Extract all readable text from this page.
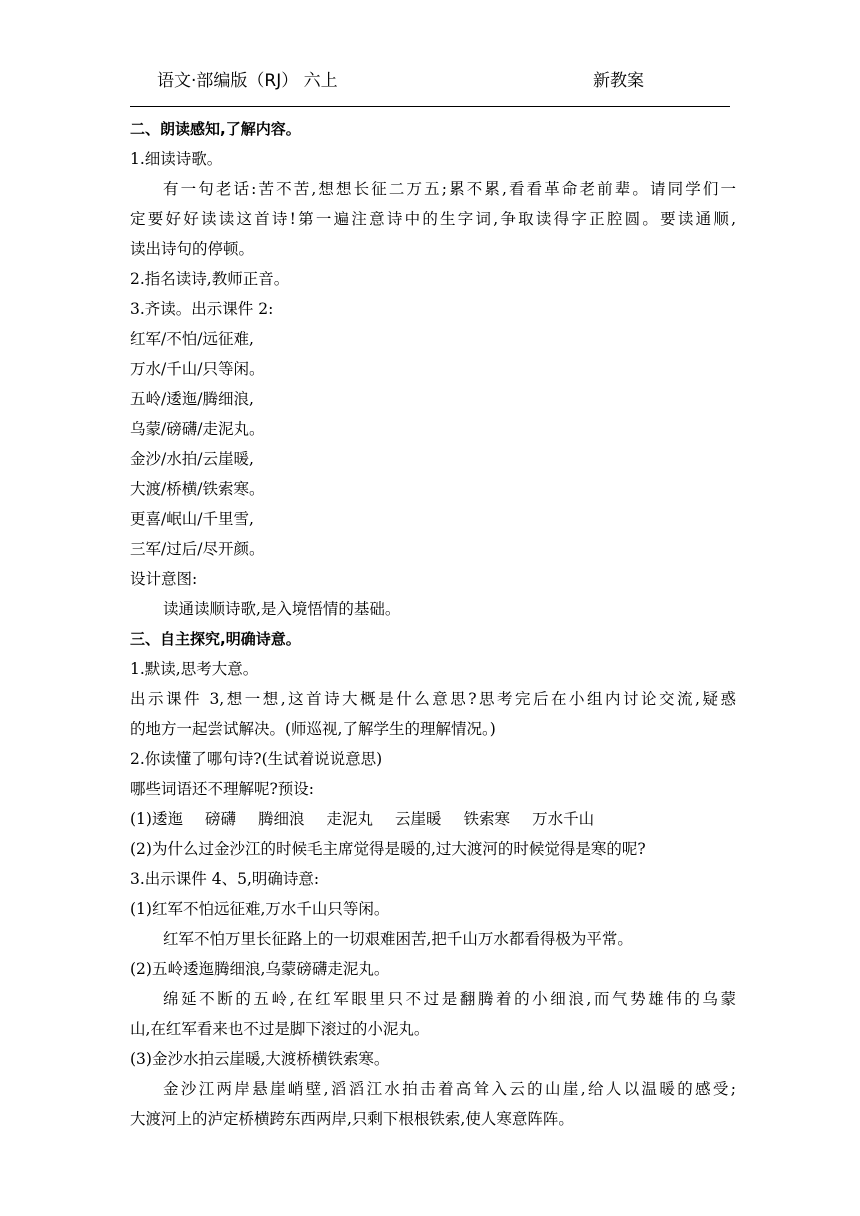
语文·部编版（RJ） 六上	新教案
二、朗读感知,了解内容。
1.细读诗歌。
有一句老话:苦不苦,想想长征二万五;累不累,看看革命老前辈。请同学们一
定要好好读读这首诗!第一遍注意诗中的生字词,争取读得字正腔圆。要读通顺,
读出诗句的停顿。
2.指名读诗,教师正音。
3.齐读。出示课件 2:
红军/不怕/远征难,
万水/千山/只等闲。
五岭/逶迤/腾细浪,
乌蒙/磅礴/走泥丸。
金沙/水拍/云崖暖,
大渡/桥横/铁索寒。
更喜/岷山/千里雪,
三军/过后/尽开颜。
设计意图:
读通读顺诗歌,是入境悟情的基础。
三、自主探究,明确诗意。
1.默读,思考大意。
出示课件 3,想一想,这首诗大概是什么意思?思考完后在小组内讨论交流,疑惑
的地方一起尝试解决。(师巡视,了解学生的理解情况。)
2.你读懂了哪句诗?(生试着说说意思)
哪些词语还不理解呢?预设:
(1)逶迤 磅礴 腾细浪 走泥丸 云崖暖 铁索寒 万水千山
(2)为什么过金沙江的时候毛主席觉得是暖的,过大渡河的时候觉得是寒的呢?
3.出示课件 4、5,明确诗意:
(1)红军不怕远征难,万水千山只等闲。
红军不怕万里长征路上的一切艰难困苦,把千山万水都看得极为平常。
(2)五岭逶迤腾细浪,乌蒙磅礴走泥丸。
绵延不断的五岭,在红军眼里只不过是翻腾着的小细浪,而气势雄伟的乌蒙
山,在红军看来也不过是脚下滚过的小泥丸。
(3)金沙水拍云崖暖,大渡桥横铁索寒。
金沙江两岸悬崖峭壁,滔滔江水拍击着高耸入云的山崖,给人以温暖的感受;
大渡河上的泸定桥横跨东西两岸,只剩下根根铁索,使人寒意阵阵。
